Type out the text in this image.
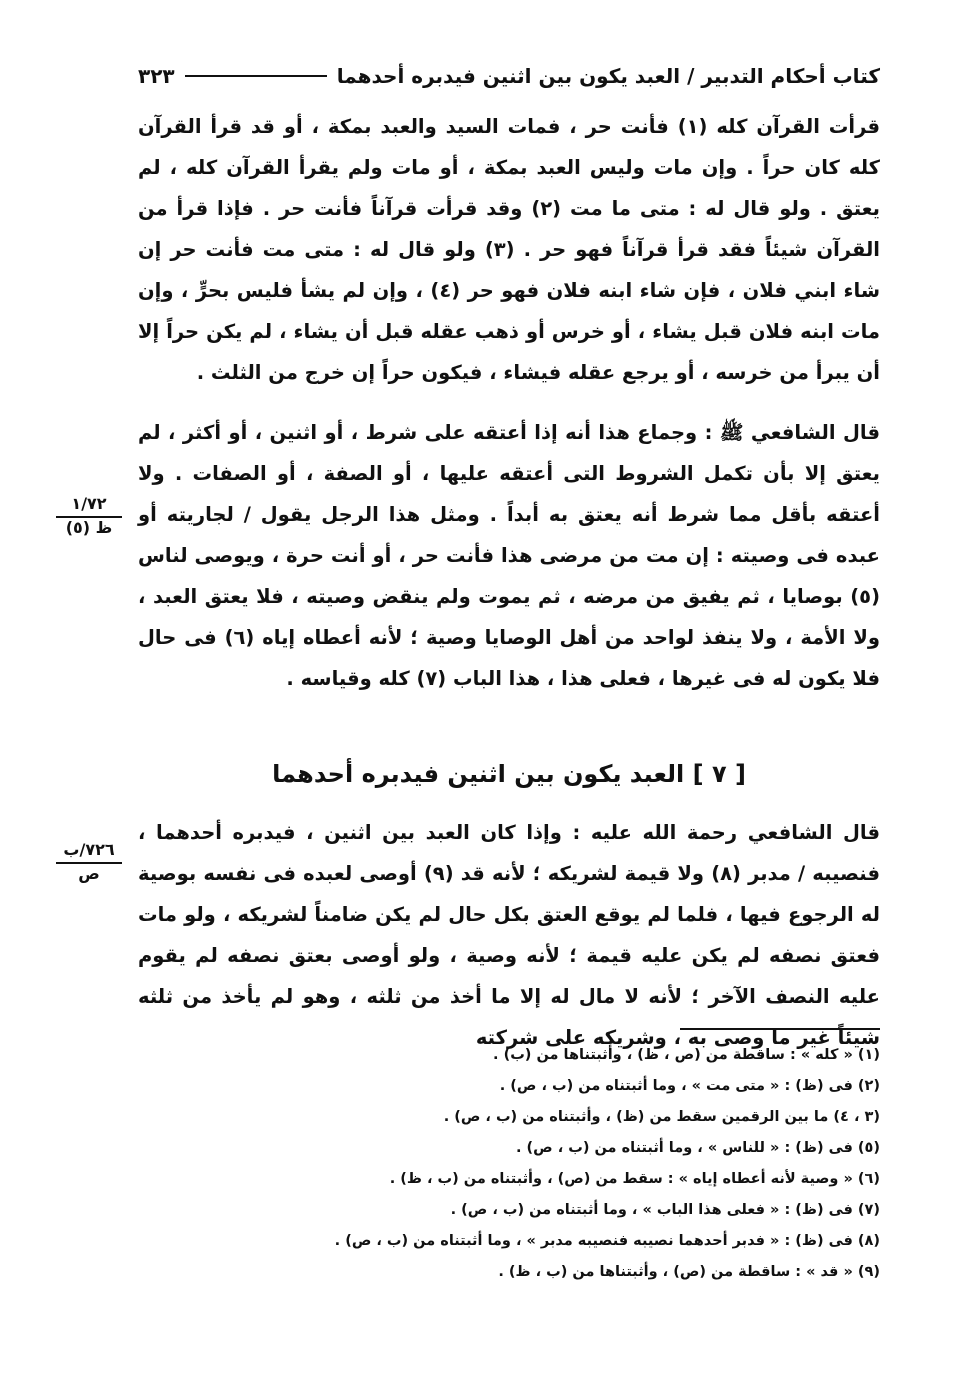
كتاب أحكام التدبير / العبد يكون بين اثنين فيدبره أحدهما
٣٢٣
قرأت القرآن كله (١) فأنت حر ، فمات السيد والعبد بمكة ، أو قد قرأ القرآن كله كان حراً . وإن مات وليس العبد بمكة ، أو مات ولم يقرأ القرآن كله ، لم يعتق . ولو قال له : متى ما مت (٢) وقد قرأت قرآناً فأنت حر . فإذا قرأ من القرآن شيئاً فقد قرأ قرآناً فهو حر . (٣) ولو قال له : متى مت فأنت حر إن شاء ابني فلان ، فإن شاء ابنه فلان فهو حر (٤) ، وإن لم يشأ فليس بحرٍّ ، وإن مات ابنه فلان قبل يشاء ، أو خرس أو ذهب عقله قبل أن يشاء ، لم يكن حراً إلا أن يبرأ من خرسه ، أو يرجع عقله فيشاء ، فيكون حراً إن خرج من الثلث .
قال الشافعي ﷺ : وجماع هذا أنه إذا أعتقه على شرط ، أو اثنين ، أو أكثر ، لم يعتق إلا بأن تكمل الشروط التى أعتقه عليها ، أو الصفة ، أو الصفات . ولا أعتقه بأقل مما شرط أنه يعتق به أبداً . ومثل هذا الرجل يقول / لجاريته أو عبده فى وصيته : إن مت من مرضى هذا فأنت حر ، أو أنت حرة ، ويوصى لناس (٥) بوصايا ، ثم يفيق من مرضه ، ثم يموت ولم ينقض وصيته ، فلا يعتق العبد ، ولا الأمة ، ولا ينفذ لواحد من أهل الوصايا وصية ؛ لأنه أعطاه إياه (٦) فى حال فلا يكون له فى غيرها ، فعلى هذا ، هذا الباب (٧) كله وقياسه .
١/٧٢
ظ (٥)
[ ٧ ] العبد يكون بين اثنين فيدبره أحدهما
قال الشافعي رحمة الله عليه : وإذا كان العبد بين اثنين ، فيدبره أحدهما ، فنصيبه / مدبر (٨) ولا قيمة لشريكه ؛ لأنه قد (٩) أوصى لعبده فى نفسه بوصية له الرجوع فيها ، فلما لم يوقع العتق بكل حال لم يكن ضامناً لشريكه ، ولو مات فعتق نصفه لم يكن عليه قيمة ؛ لأنه وصية ، ولو أوصى بعتق نصفه لم يقوم عليه النصف الآخر ؛ لأنه لا مال له إلا ما أخذ من ثلثه ، وهو لم يأخذ من ثلثه شيئاً غير ما وصى به ، وشريكه على شركته
٧٢٦/ب
ص
(١) « كله » : ساقطة من (ص ، ظ) ، وأثبتناها من (ب) .
(٢) فى (ظ) : « متى مت » ، وما أثبتناه من (ب ، ص) .
(٣ ، ٤) ما بين الرقمين سقط من (ظ) ، وأثبتناه من (ب ، ص) .
(٥) فى (ظ) : « للناس » ، وما أثبتناه من (ب ، ص) .
(٦) « وصية لأنه أعطاه إياه » : سقط من (ص) ، وأثبتناه من (ب ، ظ) .
(٧) فى (ظ) : « فعلى هذا الباب » ، وما أثبتناه من (ب ، ص) .
(٨) فى (ظ) : « فدبر أحدهما نصيبه فنصيبه مدبر » ، وما أثبتناه من (ب ، ص) .
(٩) « قد » : ساقطة من (ص) ، وأثبتناها من (ب ، ظ) .
